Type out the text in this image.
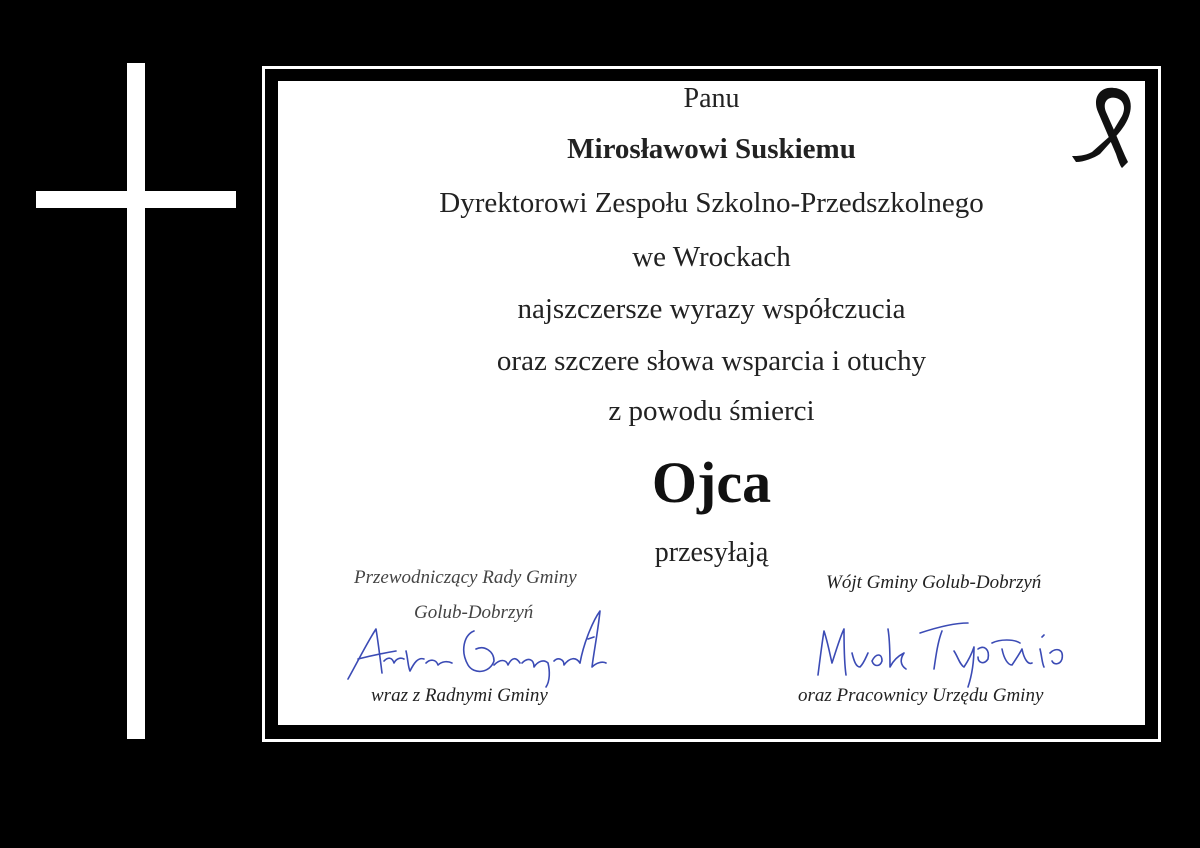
Panu
Mirosławowi Suskiemu
Dyrektorowi Zespołu Szkolno-Przedszkolnego
we Wrockach
najszczersze wyrazy współczucia
oraz szczere słowa wsparcia i otuchy
z powodu śmierci
Ojca
przesyłają
Przewodniczący Rady Gminy
Golub-Dobrzyń
wraz z Radnymi Gminy
Wójt Gminy Golub-Dobrzyń
oraz Pracownicy Urzędu Gminy
